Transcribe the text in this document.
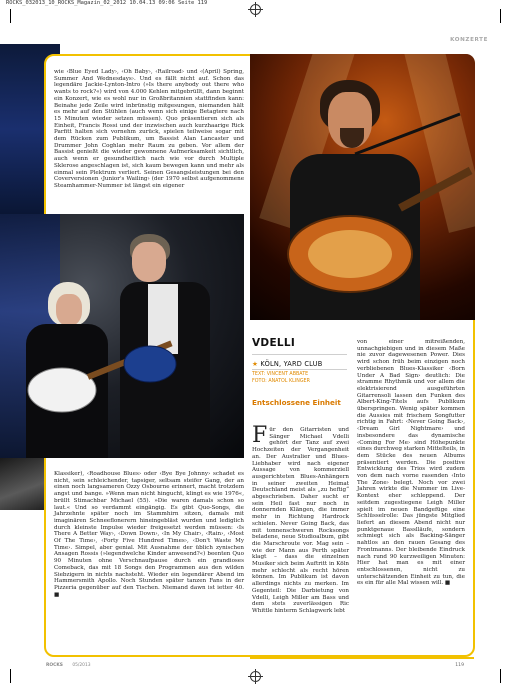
ROCKS_032013_10_ROCKS_Magazin_02_2012 10.04.13 09:06 Seite 119
KONZERTE

wie ‹Blue Eyed Lady›, ‹Oh Baby›, ‹Railroad› und ‹(April) Spring, Summer And Wednesdays›. Und es fällt nicht auf. Schon das legendäre Jackie-Lynton-Intro (»Is there anybody out there who wants to rock?«) wird von 4.000 Kehlen mitgebrüllt, dann beginnt ein Konzert, wie es wohl nur in Großbritannien stattfinden kann: Beinahe jede Zeile wird inbrünstig mitgesungen, niemanden hält es mehr auf den Stühlen (auch wenn sich einige Betagtere nach 15 Minuten wieder setzen müssen). Quo präsentieren sich als Einheit, Francis Rossi und der inzwischen auch kurzhaarige Rick Parfitt halten sich vornehm zurück, spielen teilweise sogar mit dem Rücken zum Publikum, um Bassist Alan Lancaster und Drummer John Coghlan mehr Raum zu geben. Vor allem der Bassist genießt die wieder gewonnene Aufmerksamkeit sichtlich, auch wenn er gesundheitlich nach wie vor durch Multiple Sklerose angeschlagen ist, sich kaum bewegen kann und mehr als einmal sein Plektrum verliert. Seinen Gesangsleistungen bei den Coverversionen ‹Junior's Wailing› (der 1970 selbst aufgenommene Steamhammer-Nummer ist längst ein eigener

Klassiker), ‹Roadhouse Blues› oder ‹Bye Bye Johnny› schadet es nicht, sein schleichender, tapsiger, seltsam steifer Gang, der an einen noch langsameren Ozzy Osbourne erinnert, macht trotzdem angst und bange. »Wenn man nicht hingucht, klingt es wie 1976«, brüllt Stimachbar Michael (55). »Die waren damals schon so laut.« Und so verdammt eingängig. Es gibt Quo-Songs, die Jahrzehnte später noch im Stammhirn sitzen, damals mit imaginären Schneeflonerern hineingebläst wurden und lediglich durch kleinste Impulse wieder freigesetzt werden müssen: ‹Is There A Better Way›, ‹Down Down›, ‹In My Chair›, ‹Rain›, ‹Most Of The Time›, ‹Forty Five Hundred Times›, ‹Don't Waste My Time›. Simpel, aber genial. Mit Ausnahme der üblich zynischen Ansagen Rossis (»legendwelche Kinder anwesend?«) beenten Quo 90 Minuten ohne Verschnaufpause durch ein grandioses Comeback, das mit 18 Songs den Programmen aus den wilden Siebzigern in nichts nachsteht. Wieder ein legendärer Abend im Hammersmith Apollo. Noch Stunden später tanzen Fans in der Pizzeria gegenüber auf den Tischen. Niemand dawn ist ietter 40. ■

VDELLI
★ KÖLN, YARD CLUB
TEXT: VINCENT ABBATE
FOTO: ANATOL KLINGER
Entschlossene Einheit

Für den Gitarristen und Sänger Michael Vdelli gehört der Tanz auf zwei Hochzeiten der Vergangenheit an. Der Australier und Blues-Liebhaber wird nach eigener Aussage von kommerziell ausgerichteten Blues-Anhängern in seiner zweiten Heimat Deutschland meist als „zu heftig“ abgeschrieben. Daher sucht er sein Heil fast nur noch in donnernden Klängen, die immer mehr in Richtung Hardrock schielen. Never Going Back, das mit tonnenschweren Rocksongs beladene, neue Studioalbum, gibt die Marschroute vor. Mag sein – wie der Mann aus Perth später klagt – dass die einzelnen Musiker sich beim Auftritt in Köln mehr schlecht als recht hören können. Im Publikum ist davon allerdings nichts zu merken. Im Gegenteil: Die Darbietung von Vdelli, Leigh Miller am Bass und dem stets zuverlässigen Ric Whittle hinterm Schlagwerk lebt

von einer mitreißenden, unnachgiebigen und in diesem Maße nie zuvor dagewesenen Power. Dies wird schon früh beim einzigen noch verbliebenen Blues-Klassiker ‹Born Under A Bad Sign› deutlich: Die stramme Rhythmik und vor allem die elektrisierend ausgeführten Gitarrensoli lassen den Funken des Albert-King-Titels aufs Publikum überspringen. Wenig später kommen die Aussies mit frischem Songfutter richtig in Fahrt: ‹Never Going Back›, ‹Dream Girl Nightmare› und insbesondere das dynamische ‹Coming For Me› sind Höhepunkte eines durchweg starken Mittelteils, in dem Stücke des neuen Albums präsentiert werden. Die positive Entwicklung des Trios wird zudem von dem nach vorne rasenden ‹Into The Zone› belegt. Noch vor zwei Jahren wirkte die Nummer im Live-Kontext eher schleppend. Der seitdem zugestiegene Leigh Miller spielt im neuen Bandgefüge eine Schlüsselrolle: Das jüngste Mitglied liefert an diesem Abend nicht nur punktgenaue Basslläufe, sondern schmiegt sich als Backing-Sänger nahtlos an den rauen Gesang des Frontmanns. Der bleibende Eindruck nach rund 90 kurzweiligen Minuten: Hier hat man es mit einer entschlossenen, nicht zu unterschätzenden Einheit zu tun, die es ein für alle Mal wissen will. ■

ROCKS 05/2013	119
